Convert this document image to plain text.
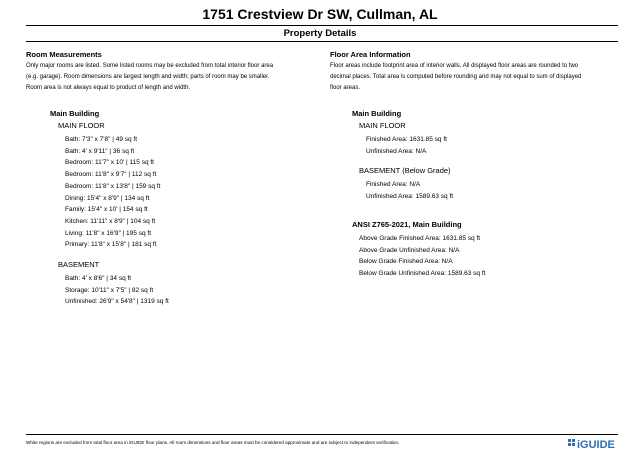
1751 Crestview Dr SW, Cullman, AL
Property Details
Room Measurements
Only major rooms are listed. Some listed rooms may be excluded from total interior floor area
(e.g. garage). Room dimensions are largest length and width; parts of room may be smaller.
Room area is not always equal to product of length and width.
Main Building
MAIN FLOOR
Bath: 7'3" x 7'8" | 49 sq ft
Bath: 4' x 9'11" | 36 sq ft
Bedroom: 11'7" x 10' | 115 sq ft
Bedroom: 11'8" x 9'7" | 112 sq ft
Bedroom: 11'8" x 13'8" | 159 sq ft
Dining: 15'4" x 8'9" | 134 sq ft
Family: 15'4" x 10' | 154 sq ft
Kitchen: 11'11" x 8'9" | 104 sq ft
Living: 11'8" x 16'9" | 195 sq ft
Primary: 11'8" x 15'8" | 181 sq ft
BASEMENT
Bath: 4' x 8'6" | 34 sq ft
Storage: 10'11" x 7'5" | 82 sq ft
Unfinished: 26'9" x 54'8" | 1319 sq ft
Floor Area Information
Floor areas include footprint area of interior walls. All displayed floor areas are rounded to two
decimal places. Total area is computed before rounding and may not equal to sum of displayed
floor areas.
Main Building
MAIN FLOOR
Finished Area: 1631.85 sq ft
Unfinished Area: N/A
BASEMENT (Below Grade)
Finished Area: N/A
Unfinished Area: 1589.63 sq ft
ANSI Z765-2021, Main Building
Above Grade Finished Area: 1631.85 sq ft
Above Grade Unfinished Area: N/A
Below Grade Finished Area: N/A
Below Grade Unfinished Area: 1589.63 sq ft
White regions are excluded from total floor area in iGUIDE floor plans. All room dimensions and floor areas must be considered approximate and are subject to independent verification.	iGUIDE
